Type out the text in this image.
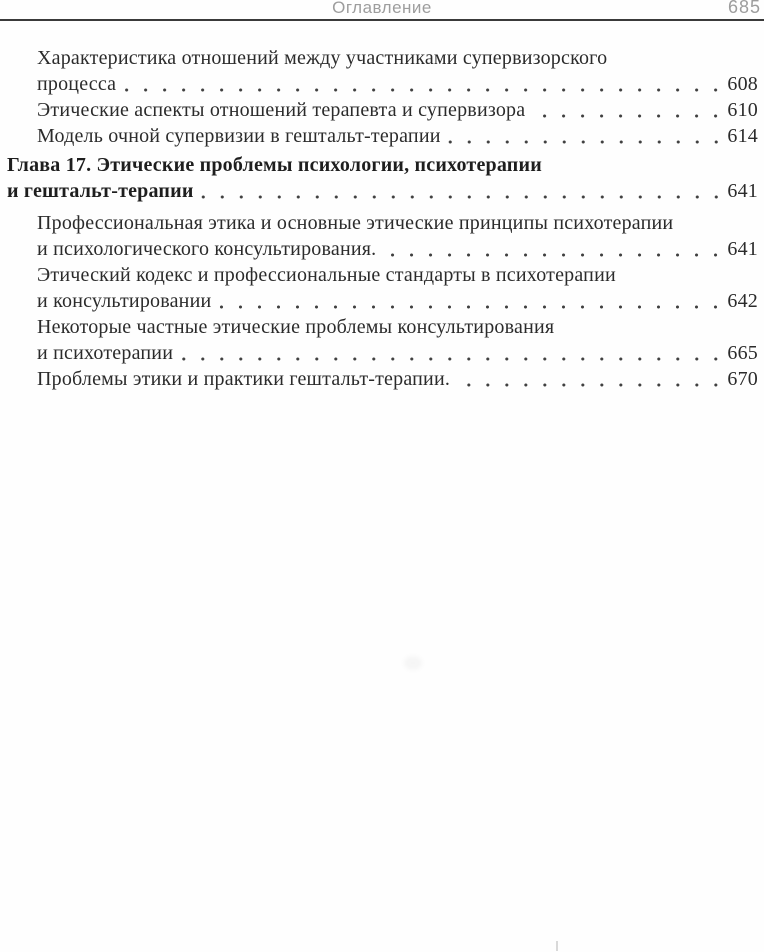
Оглавление	685
Характеристика отношений между участниками супервизорского
процесса	608
Этические аспекты отношений терапевта и супервизора	610
Модель очной супервизии в гештальт-терапии	614
Глава 17. Этические проблемы психологии, психотерапии
и гештальт-терапии	641
Профессиональная этика и основные этические принципы психотерапии
и психологического консультирования.	641
Этический кодекс и профессиональные стандарты в психотерапии
и консультировании	642
Некоторые частные этические проблемы консультирования
и психотерапии	665
Проблемы этики и практики гештальт-терапии.	670
